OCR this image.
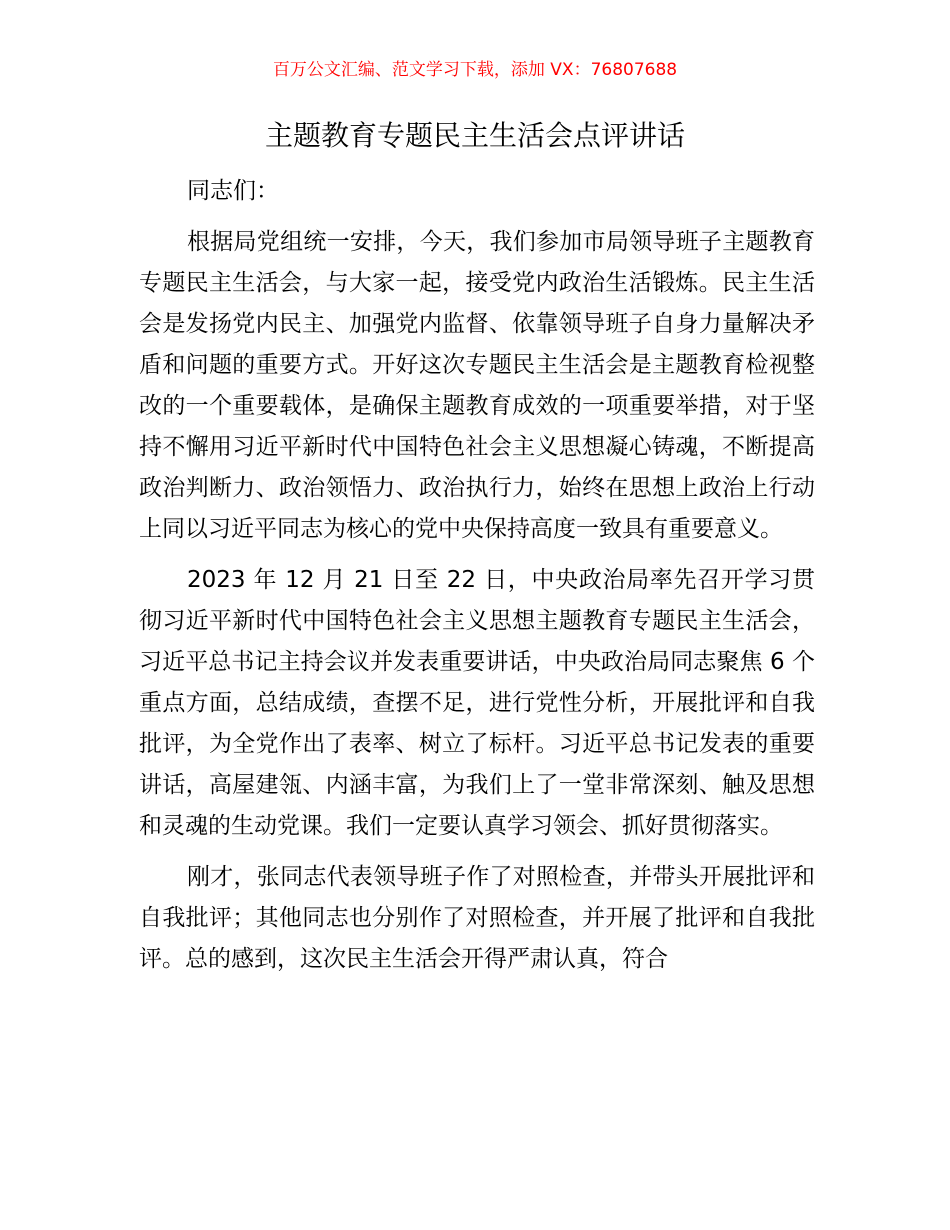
百万公文汇编、范文学习下载，添加 VX：76807688
主题教育专题民主生活会点评讲话

同志们：

根据局党组统一安排，今天，我们参加市局领导班子主题教育专题民主生活会，与大家一起，接受党内政治生活锻炼。民主生活会是发扬党内民主、加强党内监督、依靠领导班子自身力量解决矛盾和问题的重要方式。开好这次专题民主生活会是主题教育检视整改的一个重要载体，是确保主题教育成效的一项重要举措，对于坚持不懈用习近平新时代中国特色社会主义思想凝心铸魂，不断提高政治判断力、政治领悟力、政治执行力，始终在思想上政治上行动上同以习近平同志为核心的党中央保持高度一致具有重要意义。

2023 年 12 月 21 日至 22 日，中央政治局率先召开学习贯彻习近平新时代中国特色社会主义思想主题教育专题民主生活会，习近平总书记主持会议并发表重要讲话，中央政治局同志聚焦 6 个重点方面，总结成绩，查摆不足，进行党性分析，开展批评和自我批评，为全党作出了表率、树立了标杆。习近平总书记发表的重要讲话，高屋建瓴、内涵丰富，为我们上了一堂非常深刻、触及思想和灵魂的生动党课。我们一定要认真学习领会、抓好贯彻落实。

刚才，张同志代表领导班子作了对照检查，并带头开展批评和自我批评；其他同志也分别作了对照检查，并开展了批评和自我批评。总的感到，这次民主生活会开得严肃认真，符合
